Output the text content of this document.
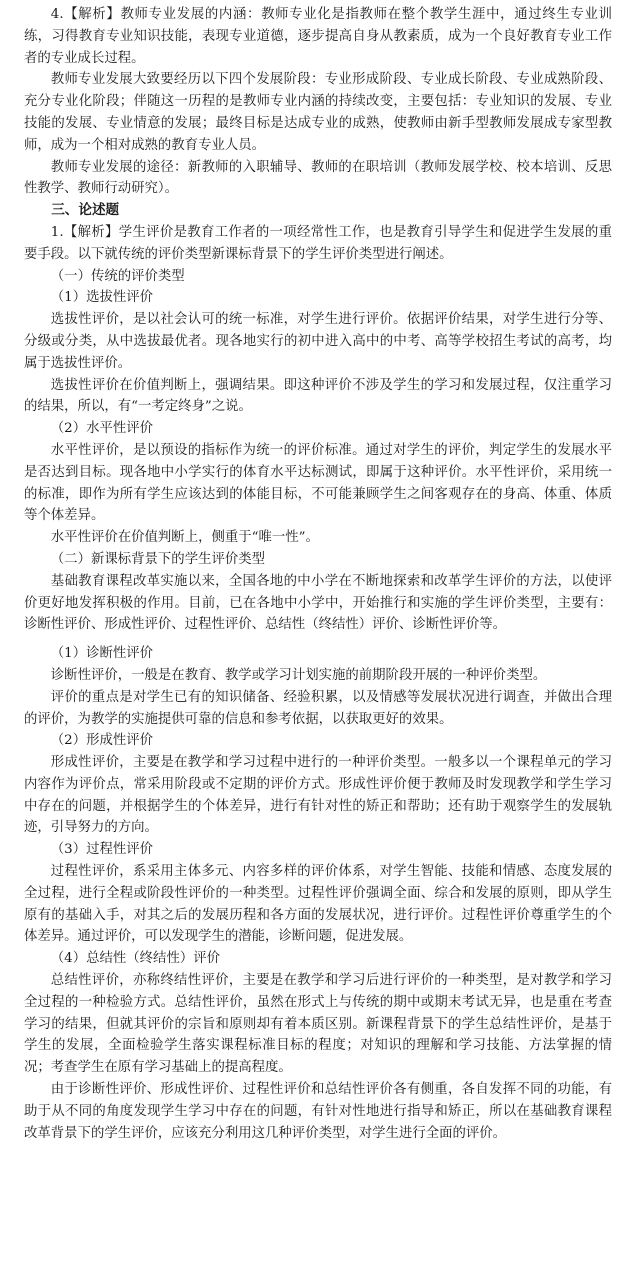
4.【解析】教师专业发展的内涵：教师专业化是指教师在整个教学生涯中，通过终生专业训练，习得教育专业知识技能，表现专业道德，逐步提高自身从教素质，成为一个良好教育专业工作者的专业成长过程。

教师专业发展大致要经历以下四个发展阶段：专业形成阶段、专业成长阶段、专业成熟阶段、充分专业化阶段；伴随这一历程的是教师专业内涵的持续改变，主要包括：专业知识的发展、专业技能的发展、专业情意的发展；最终目标是达成专业的成熟，使教师由新手型教师发展成专家型教师，成为一个相对成熟的教育专业人员。

教师专业发展的途径：新教师的入职辅导、教师的在职培训（教师发展学校、校本培训、反思性教学、教师行动研究）。

三、论述题

1.【解析】学生评价是教育工作者的一项经常性工作，也是教育引导学生和促进学生发展的重要手段。以下就传统的评价类型新课标背景下的学生评价类型进行阐述。

（一）传统的评价类型

（1）选拔性评价

选拔性评价，是以社会认可的统一标准，对学生进行评价。依据评价结果，对学生进行分等、分级或分类，从中选拔最优者。现各地实行的初中进入高中的中考、高等学校招生考试的高考，均属于选拔性评价。

选拔性评价在价值判断上，强调结果。即这种评价不涉及学生的学习和发展过程，仅注重学习的结果，所以，有“一考定终身”之说。

（2）水平性评价

水平性评价，是以预设的指标作为统一的评价标准。通过对学生的评价，判定学生的发展水平是否达到目标。现各地中小学实行的体育水平达标测试，即属于这种评价。水平性评价，采用统一的标准，即作为所有学生应该达到的体能目标，不可能兼顾学生之间客观存在的身高、体重、体质等个体差异。

水平性评价在价值判断上，侧重于“唯一性”。

（二）新课标背景下的学生评价类型

基础教育课程改革实施以来，全国各地的中小学在不断地探索和改革学生评价的方法，以使评价更好地发挥积极的作用。目前，已在各地中小学中，开始推行和实施的学生评价类型，主要有：诊断性评价、形成性评价、过程性评价、总结性（终结性）评价、诊断性评价等。

（1）诊断性评价

诊断性评价，一般是在教育、教学或学习计划实施的前期阶段开展的一种评价类型。

评价的重点是对学生已有的知识储备、经验积累，以及情感等发展状况进行调查，并做出合理的评价，为教学的实施提供可靠的信息和参考依据，以获取更好的效果。

（2）形成性评价

形成性评价，主要是在教学和学习过程中进行的一种评价类型。一般多以一个课程单元的学习内容作为评价点，常采用阶段或不定期的评价方式。形成性评价便于教师及时发现教学和学生学习中存在的问题，并根据学生的个体差异，进行有针对性的矫正和帮助；还有助于观察学生的发展轨迹，引导努力的方向。

（3）过程性评价

过程性评价，系采用主体多元、内容多样的评价体系，对学生智能、技能和情感、态度发展的全过程，进行全程或阶段性评价的一种类型。过程性评价强调全面、综合和发展的原则，即从学生原有的基础入手，对其之后的发展历程和各方面的发展状况，进行评价。过程性评价尊重学生的个体差异。通过评价，可以发现学生的潜能，诊断问题，促进发展。

（4）总结性（终结性）评价

总结性评价，亦称终结性评价，主要是在教学和学习后进行评价的一种类型，是对教学和学习全过程的一种检验方式。总结性评价，虽然在形式上与传统的期中或期末考试无异，也是重在考查学习的结果，但就其评价的宗旨和原则却有着本质区别。新课程背景下的学生总结性评价，是基于学生的发展，全面检验学生落实课程标准目标的程度；对知识的理解和学习技能、方法掌握的情况；考查学生在原有学习基础上的提高程度。

由于诊断性评价、形成性评价、过程性评价和总结性评价各有侧重，各自发挥不同的功能，有助于从不同的角度发现学生学习中存在的问题，有针对性地进行指导和矫正，所以在基础教育课程改革背景下的学生评价，应该充分利用这几种评价类型，对学生进行全面的评价。
